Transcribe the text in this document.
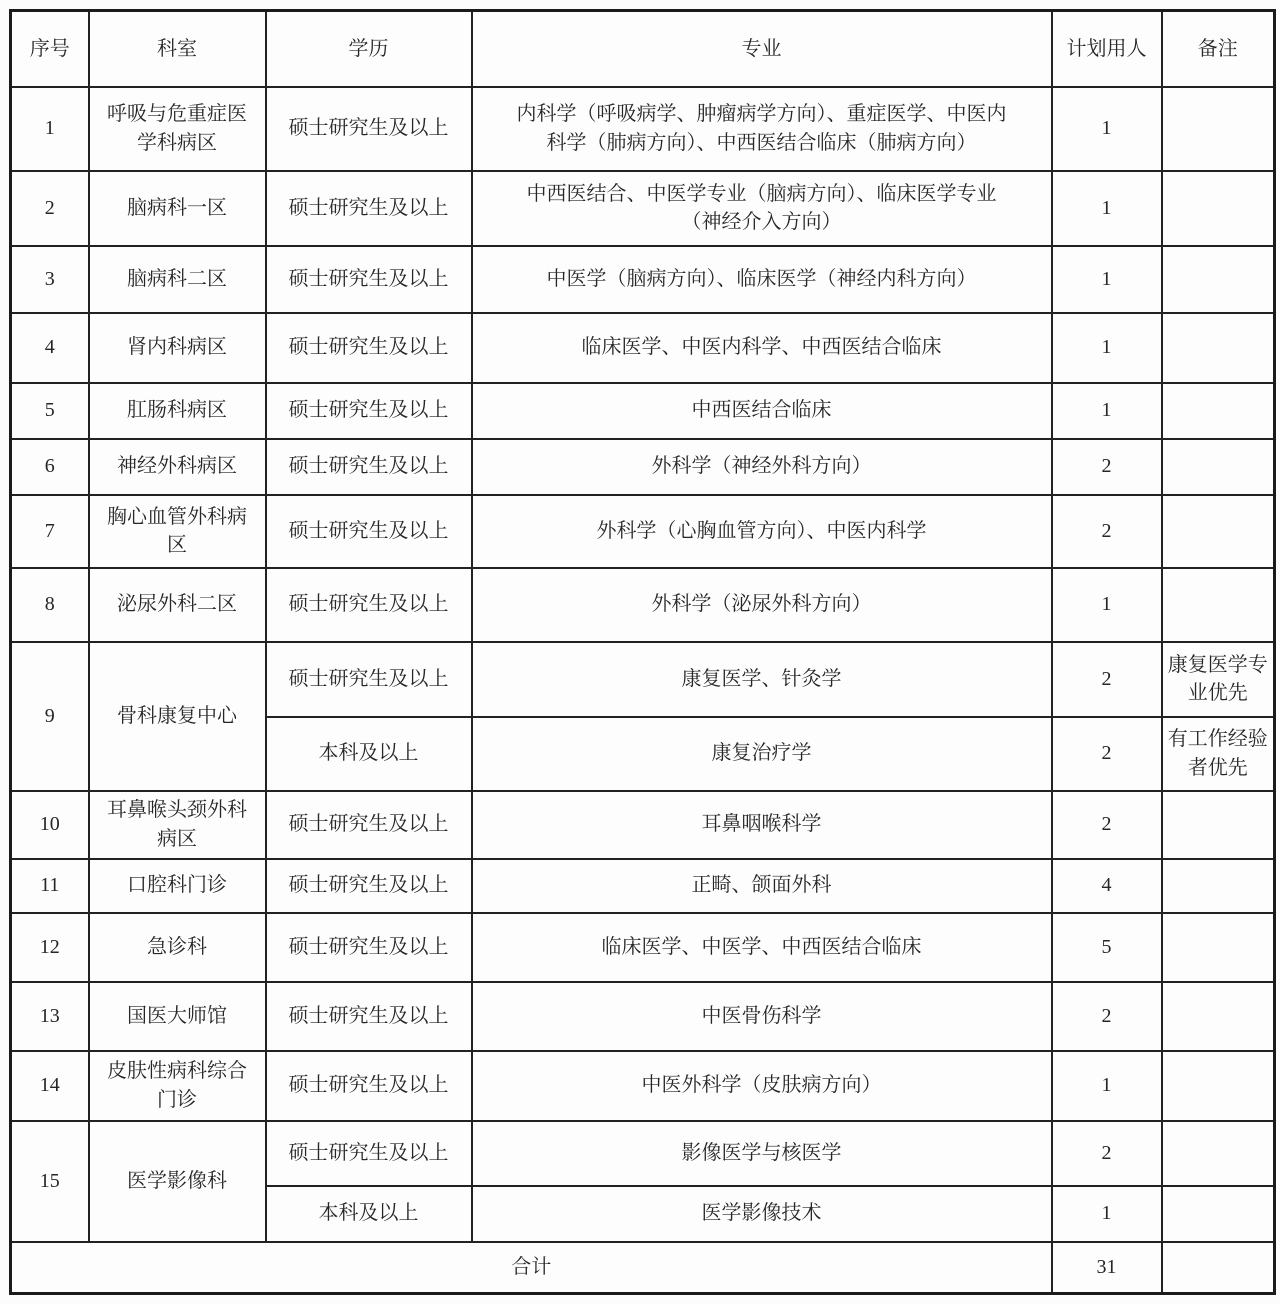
序号	科室	学历	专业	计划用人	备注
1	呼吸与危重症医学科病区	硕士研究生及以上	内科学（呼吸病学、肿瘤病学方向）、重症医学、中医内科学（肺病方向）、中西医结合临床（肺病方向）	1	
2	脑病科一区	硕士研究生及以上	中西医结合、中医学专业（脑病方向）、临床医学专业（神经介入方向）	1	
3	脑病科二区	硕士研究生及以上	中医学（脑病方向）、临床医学（神经内科方向）	1	
4	肾内科病区	硕士研究生及以上	临床医学、中医内科学、中西医结合临床	1	
5	肛肠科病区	硕士研究生及以上	中西医结合临床	1	
6	神经外科病区	硕士研究生及以上	外科学（神经外科方向）	2	
7	胸心血管外科病区	硕士研究生及以上	外科学（心胸血管方向）、中医内科学	2	
8	泌尿外科二区	硕士研究生及以上	外科学（泌尿外科方向）	1	
9	骨科康复中心	硕士研究生及以上	康复医学、针灸学	2	康复医学专业优先
		本科及以上	康复治疗学	2	有工作经验者优先
10	耳鼻喉头颈外科病区	硕士研究生及以上	耳鼻咽喉科学	2	
11	口腔科门诊	硕士研究生及以上	正畸、颌面外科	4	
12	急诊科	硕士研究生及以上	临床医学、中医学、中西医结合临床	5	
13	国医大师馆	硕士研究生及以上	中医骨伤科学	2	
14	皮肤性病科综合门诊	硕士研究生及以上	中医外科学（皮肤病方向）	1	
15	医学影像科	硕士研究生及以上	影像医学与核医学	2	
		本科及以上	医学影像技术	1	
合计				31	
